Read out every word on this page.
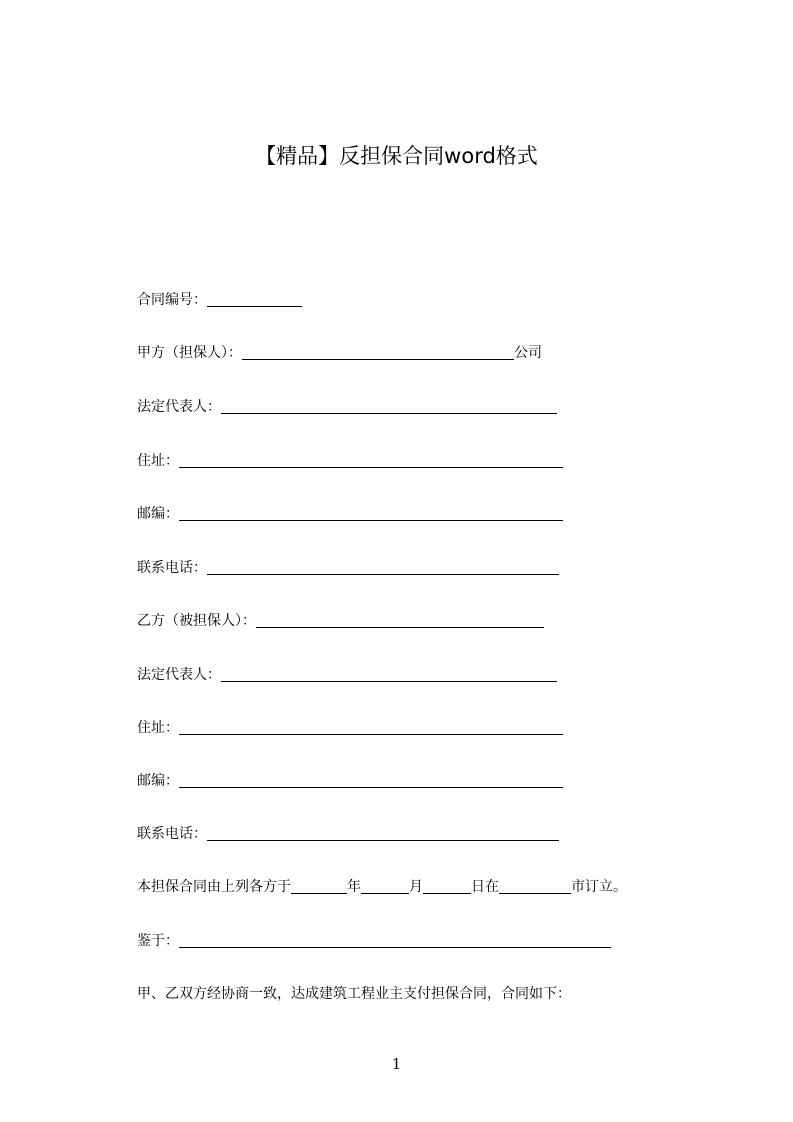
【精品】反担保合同word格式
合同编号：
甲方（担保人）：	公司
法定代表人：
住址：
邮编：
联系电话：
乙方（被担保人）：
法定代表人：
住址：
邮编：
联系电话：
本担保合同由上列各方于	年	月	日在	市订立。
鉴于：
甲、乙双方经协商一致，达成建筑工程业主支付担保合同，合同如下：
1
